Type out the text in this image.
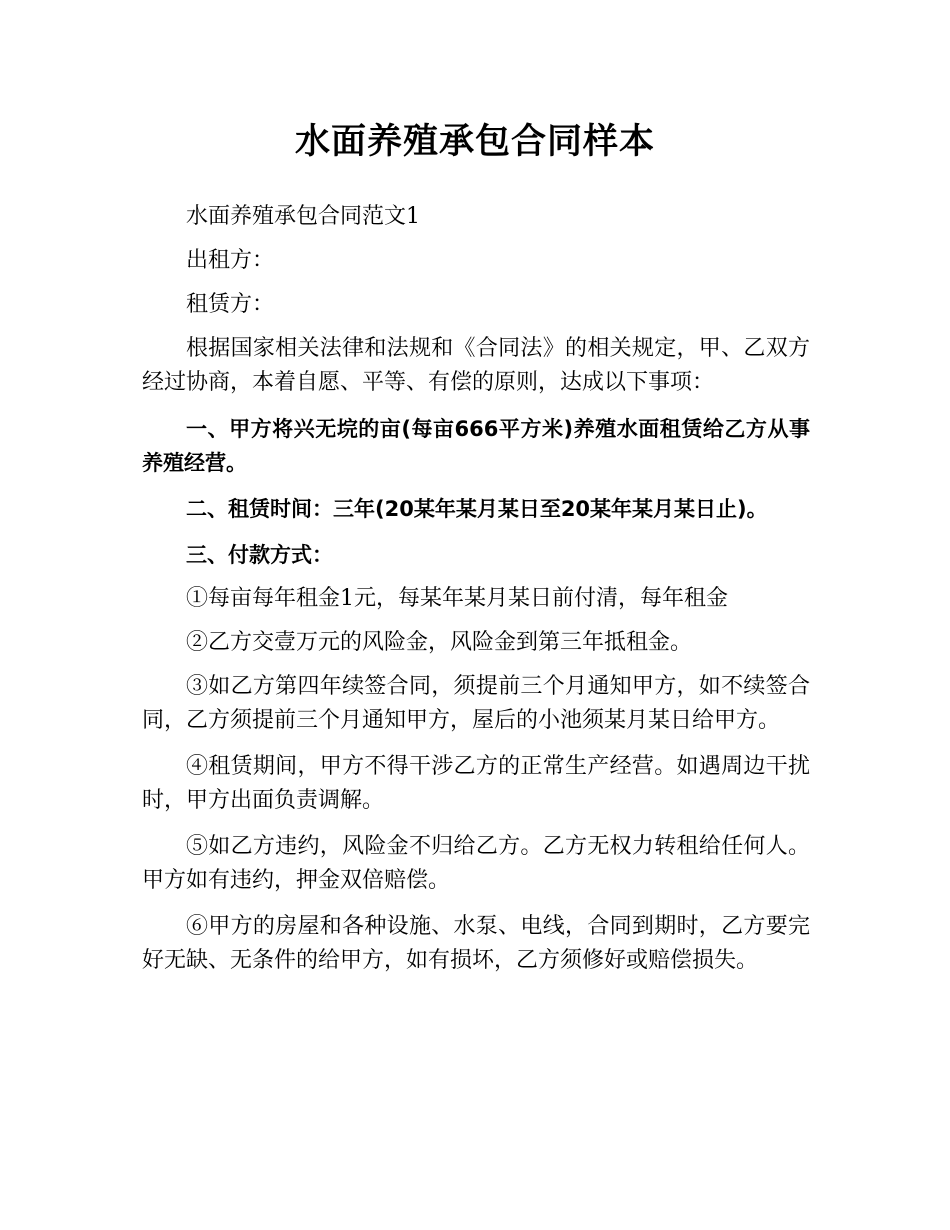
水面养殖承包合同样本

水面养殖承包合同范文1

出租方：

租赁方：

根据国家相关法律和法规和《合同法》的相关规定，甲、乙双方经过协商，本着自愿、平等、有偿的原则，达成以下事项：

一、甲方将兴无垸的亩(每亩666平方米)养殖水面租赁给乙方从事养殖经营。

二、租赁时间：三年(20某年某月某日至20某年某月某日止)。

三、付款方式：

①每亩每年租金1元，每某年某月某日前付清，每年租金

②乙方交壹万元的风险金，风险金到第三年抵租金。

③如乙方第四年续签合同，须提前三个月通知甲方，如不续签合同，乙方须提前三个月通知甲方，屋后的小池须某月某日给甲方。

④租赁期间，甲方不得干涉乙方的正常生产经营。如遇周边干扰时，甲方出面负责调解。

⑤如乙方违约，风险金不归给乙方。乙方无权力转租给任何人。甲方如有违约，押金双倍赔偿。

⑥甲方的房屋和各种设施、水泵、电线，合同到期时，乙方要完好无缺、无条件的给甲方，如有损坏，乙方须修好或赔偿损失。
